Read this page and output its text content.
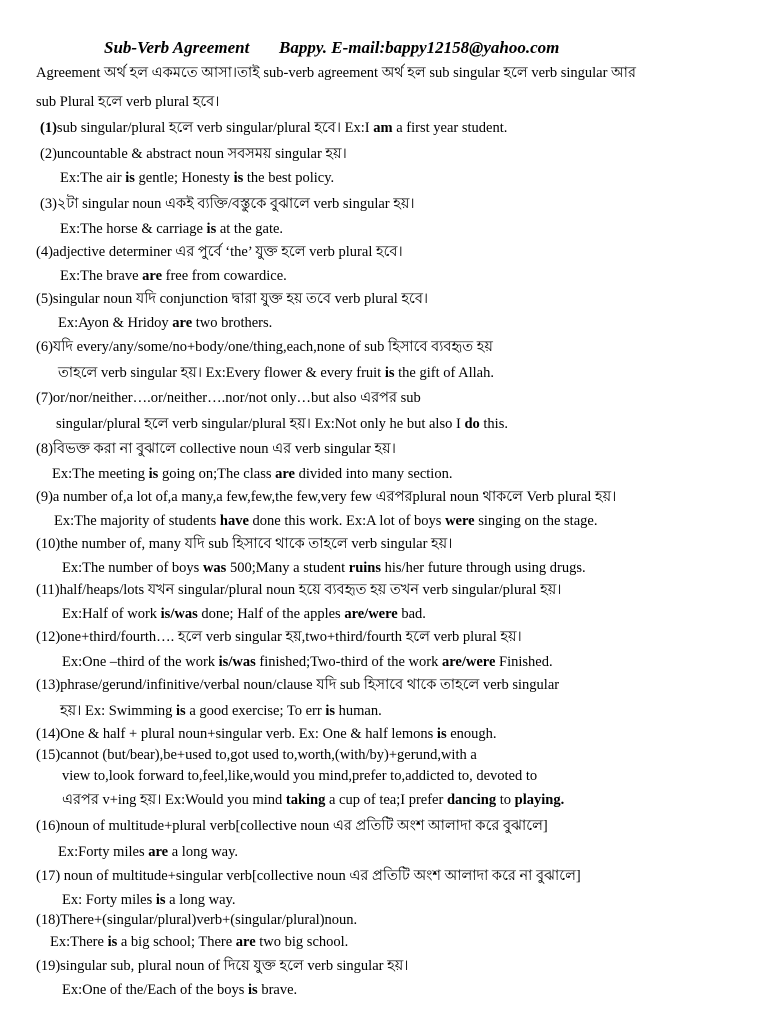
Sub-Verb Agreement       Bappy. E-mail:bappy12158@yahoo.com
Agreement অর্থ হল একমতে আসা।তাই sub-verb agreement অর্থ হল sub singular হলে verb singular আর
sub Plural হলে verb plural হবে।
(1)sub singular/plural হলে verb singular/plural হবে। Ex:I am a first year student.
(2)uncountable & abstract noun সবসময় singular হয়।
Ex:The air is gentle; Honesty is the best policy.
(3)২টা singular noun একই ব্যক্তি/বস্তুকে বুঝালে verb singular হয়।
Ex:The horse & carriage is at the gate.
(4)adjective determiner এর পুর্বে ‘the’ যুক্ত হলে verb plural হবে।
Ex:The brave are free from cowardice.
(5)singular noun যদি conjunction দ্বারা যুক্ত হয় তবে verb plural হবে।
Ex:Ayon & Hridoy are two brothers.
(6)যদি every/any/some/no+body/one/thing,each,none of sub হিসাবে ব্যবহৃত হয়
তাহলে verb singular হয়। Ex:Every flower & every fruit is the gift of Allah.
(7)or/nor/neither….or/neither….nor/not only…but also এরপর sub
singular/plural হলে verb singular/plural হয়। Ex:Not only he but also I do this.
(8)বিভক্ত করা না বুঝালে collective noun এর verb singular হয়।
Ex:The meeting is going on;The class are divided into many section.
(9)a number of,a lot of,a many,a few,few,the few,very few এরপরplural noun থাকলে Verb plural হয়।
Ex:The majority of students have done this work. Ex:A lot of boys were singing on the stage.
(10)the number of, many যদি sub হিসাবে থাকে তাহলে verb singular হয়।
Ex:The number of boys was 500;Many a student ruins his/her future through using drugs.
(11)half/heaps/lots যখন singular/plural noun হয়ে ব্যবহৃত হয় তখন verb singular/plural হয়।
Ex:Half of work is/was done; Half of the apples are/were bad.
(12)one+third/fourth…. হলে verb singular হয়,two+third/fourth হলে verb plural হয়।
Ex:One –third of the work is/was finished;Two-third of the work are/were Finished.
(13)phrase/gerund/infinitive/verbal noun/clause যদি sub হিসাবে থাকে তাহলে verb singular
হয়। Ex: Swimming is a good exercise; To err is human.
(14)One & half + plural noun+singular verb. Ex: One & half lemons is enough.
(15)cannot (but/bear),be+used to,got used to,worth,(with/by)+gerund,with a
view to,look forward to,feel,like,would you mind,prefer to,addicted to, devoted to
এরপর v+ing হয়। Ex:Would you mind taking a cup of tea;I prefer dancing to playing.
(16)noun of multitude+plural verb[collective noun এর প্রতিটি অংশ আলাদা করে বুঝালে]
Ex:Forty miles are a long way.
(17) noun of multitude+singular verb[collective noun এর প্রতিটি অংশ আলাদা করে না বুঝালে]
Ex: Forty miles is a long way.
(18)There+(singular/plural)verb+(singular/plural)noun.
Ex:There is a big school; There are two big school.
(19)singular sub, plural noun of দিয়ে যুক্ত হলে verb singular হয়।
Ex:One of the/Each of the boys is brave.
